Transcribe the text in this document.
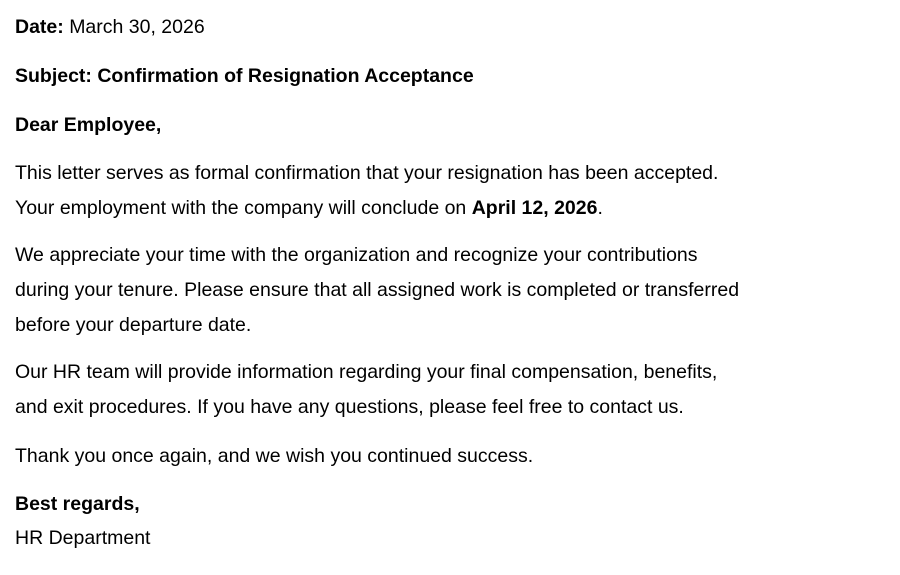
Date: March 30, 2026
Subject: Confirmation of Resignation Acceptance
Dear Employee,
This letter serves as formal confirmation that your resignation has been accepted.
Your employment with the company will conclude on April 12, 2026.
We appreciate your time with the organization and recognize your contributions
during your tenure. Please ensure that all assigned work is completed or transferred
before your departure date.
Our HR team will provide information regarding your final compensation, benefits,
and exit procedures. If you have any questions, please feel free to contact us.
Thank you once again, and we wish you continued success.
Best regards,
HR Department
